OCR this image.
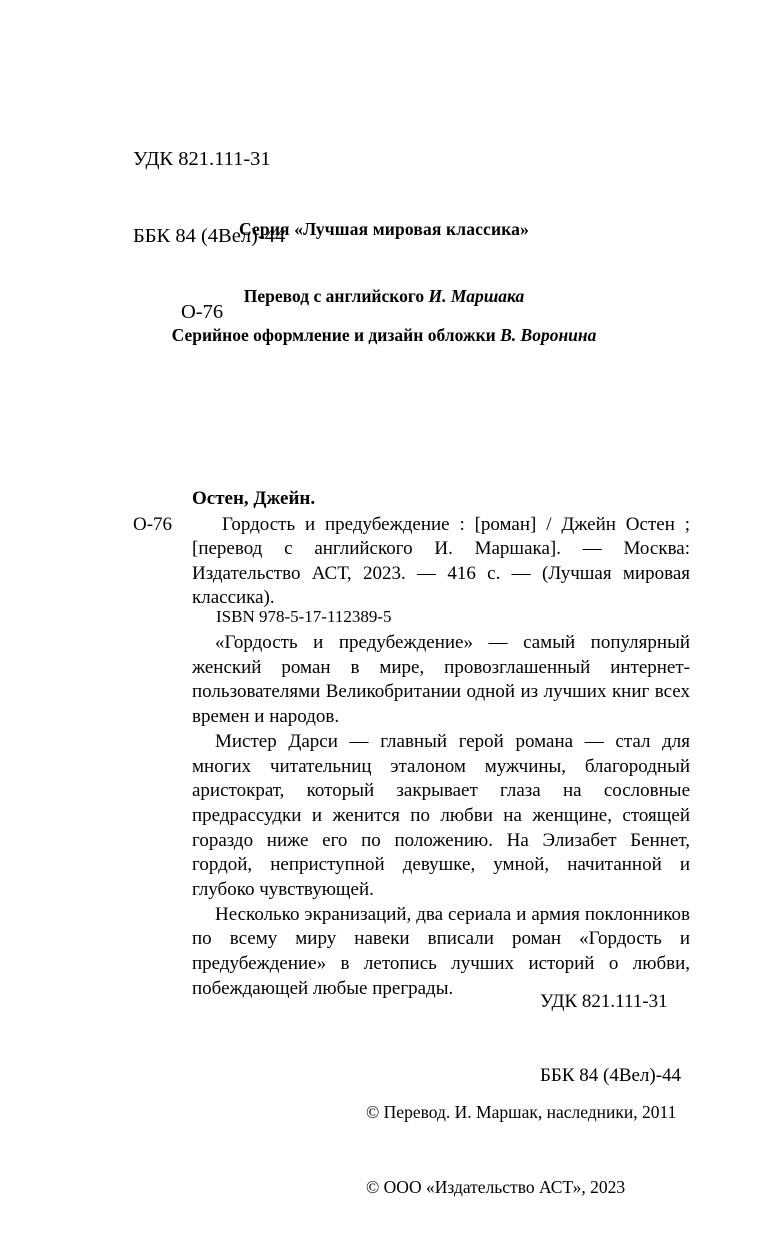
УДК 821.111-31

ББК 84 (4Вел)-44

О-76

Серия «Лучшая мировая классика»
Перевод с английского И. Маршака
Серийное оформление и дизайн обложки В. Воронина
Остен, Джейн.
О-76	Гордость и предубеждение : [роман] / Джейн Остен ; [перевод с английского И. Маршака]. — Москва: Издательство АСТ, 2023. — 416 с. — (Лучшая мировая классика).
ISBN 978-5-17-112389-5

«Гордость и предубеждение» — самый популярный женский роман в мире, провозглашенный интернет-пользователями Великобритании одной из лучших книг всех времен и народов.

Мистер Дарси — главный герой романа — стал для многих читательниц эталоном мужчины, благородный аристократ, который закрывает глаза на сословные предрассудки и женится по любви на женщине, стоящей гораздо ниже его по положению. На Элизабет Беннет, гордой, неприступной девушке, умной, начитанной и глубоко чувствующей.

Несколько экранизаций, два сериала и армия поклонников по всему миру навеки вписали роман «Гордость и предубеждение» в летопись лучших историй о любви, побеждающей любые преграды.

УДК 821.111-31

ББК 84 (4Вел)-44

© Перевод. И. Маршак, наследники, 2011

© ООО «Издательство АСТ», 2023
